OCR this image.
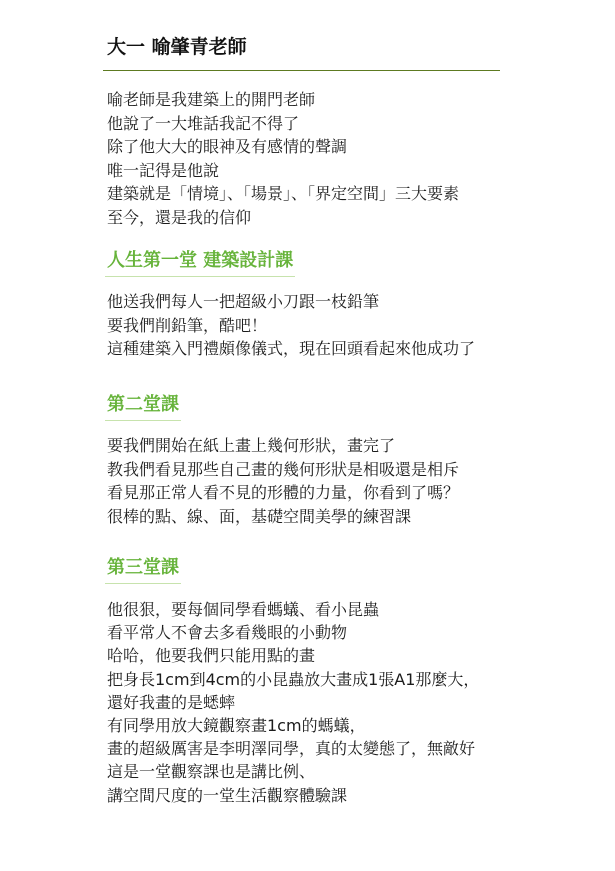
大一 喻肇青老師

喻老師是我建築上的開門老師

他說了一大堆話我記不得了

除了他大大的眼神及有感情的聲調

唯一記得是他說

建築就是「情境」、「場景」、「界定空間」三大要素

至今，還是我的信仰

人生第一堂 建築設計課

他送我們每人一把超級小刀跟一枝鉛筆

要我們削鉛筆，酷吧！

這種建築入門禮頗像儀式，現在回頭看起來他成功了

第二堂課

要我們開始在紙上畫上幾何形狀，畫完了

教我們看見那些自己畫的幾何形狀是相吸還是相斥

看見那正常人看不見的形體的力量，你看到了嗎？

很棒的點、線、面，基礎空間美學的練習課

第三堂課

他很狠，要每個同學看螞蟻、看小昆蟲

看平常人不會去多看幾眼的小動物

哈哈，他要我們只能用點的畫

把身長1cm到4cm的小昆蟲放大畫成1張A1那麼大，

還好我畫的是蟋蟀

有同學用放大鏡觀察畫1cm的螞蟻，

畫的超級厲害是李明澤同學，真的太變態了，無敵好

這是一堂觀察課也是講比例、

講空間尺度的一堂生活觀察體驗課
